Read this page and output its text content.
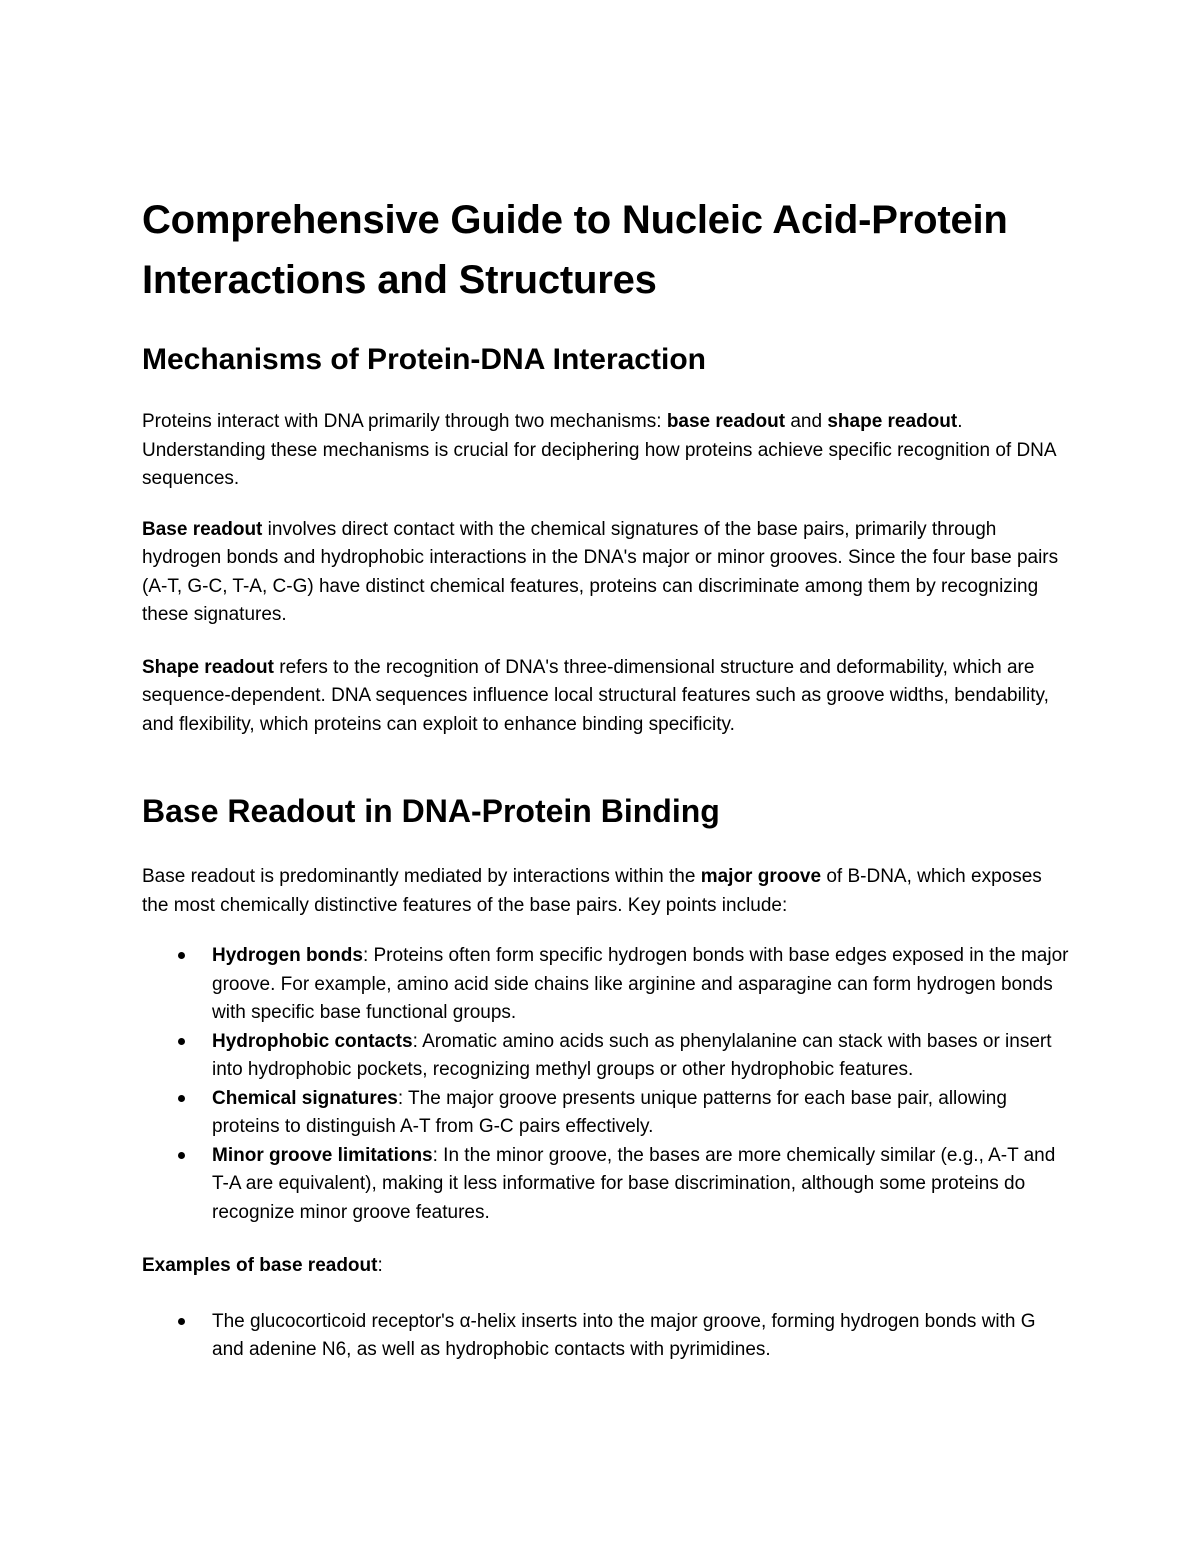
Comprehensive Guide to Nucleic Acid-Protein Interactions and Structures
Mechanisms of Protein-DNA Interaction

Proteins interact with DNA primarily through two mechanisms: base readout and shape readout. Understanding these mechanisms is crucial for deciphering how proteins achieve specific recognition of DNA sequences.

Base readout involves direct contact with the chemical signatures of the base pairs, primarily through hydrogen bonds and hydrophobic interactions in the DNA's major or minor grooves. Since the four base pairs (A-T, G-C, T-A, C-G) have distinct chemical features, proteins can discriminate among them by recognizing these signatures.

Shape readout refers to the recognition of DNA's three-dimensional structure and deformability, which are sequence-dependent. DNA sequences influence local structural features such as groove widths, bendability, and flexibility, which proteins can exploit to enhance binding specificity.

Base Readout in DNA-Protein Binding

Base readout is predominantly mediated by interactions within the major groove of B-DNA, which exposes the most chemically distinctive features of the base pairs. Key points include:

Hydrogen bonds: Proteins often form specific hydrogen bonds with base edges exposed in the major groove. For example, amino acid side chains like arginine and asparagine can form hydrogen bonds with specific base functional groups.
Hydrophobic contacts: Aromatic amino acids such as phenylalanine can stack with bases or insert into hydrophobic pockets, recognizing methyl groups or other hydrophobic features.
Chemical signatures: The major groove presents unique patterns for each base pair, allowing proteins to distinguish A-T from G-C pairs effectively.
Minor groove limitations: In the minor groove, the bases are more chemically similar (e.g., A-T and T-A are equivalent), making it less informative for base discrimination, although some proteins do recognize minor groove features.

Examples of base readout:

The glucocorticoid receptor's α-helix inserts into the major groove, forming hydrogen bonds with G and adenine N6, as well as hydrophobic contacts with pyrimidines.
